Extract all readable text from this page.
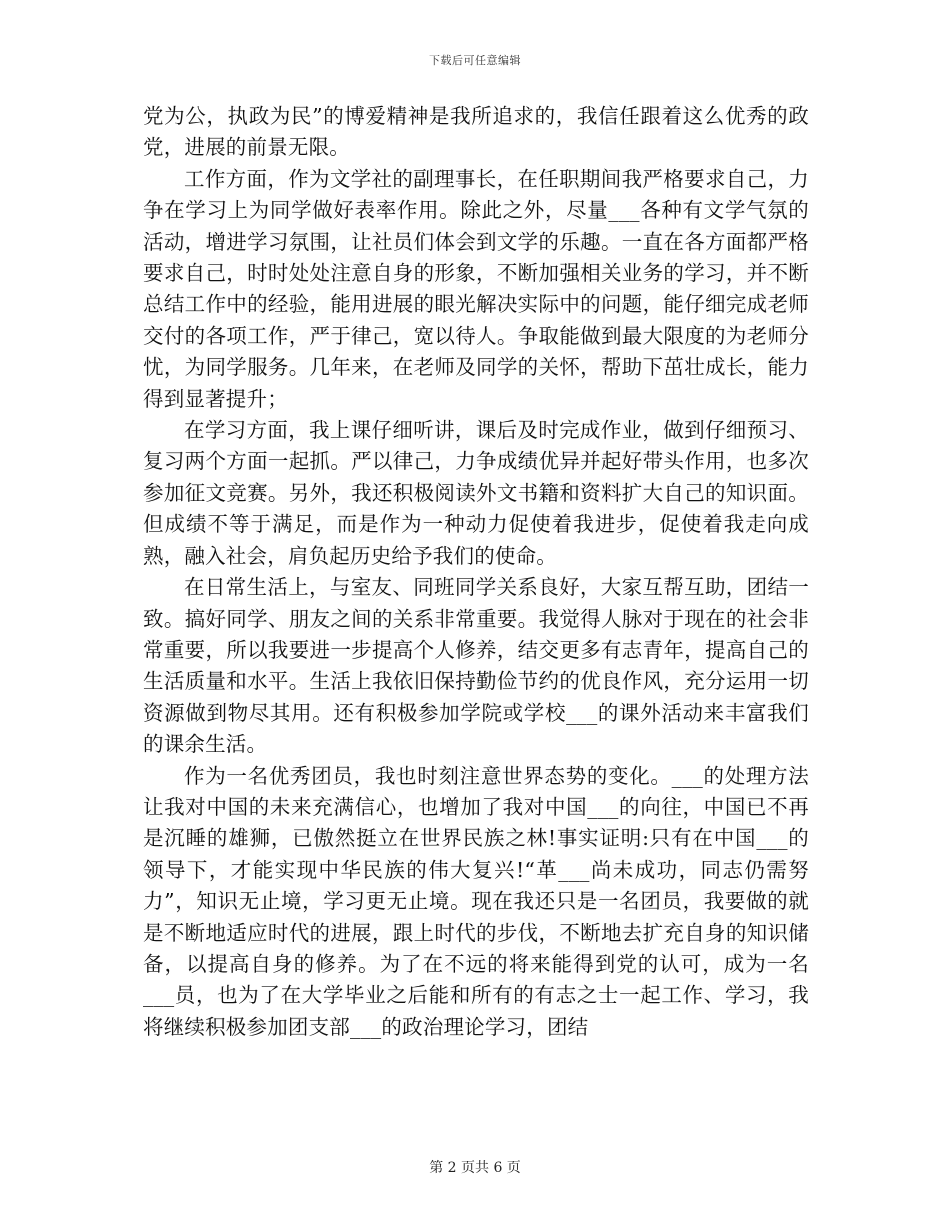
下载后可任意编辑

党为公，执政为民”的博爱精神是我所追求的，我信任跟着这么优秀的政党，进展的前景无限。

工作方面，作为文学社的副理事长，在任职期间我严格要求自己，力争在学习上为同学做好表率作用。除此之外，尽量___各种有文学气氛的活动，增进学习氛围，让社员们体会到文学的乐趣。一直在各方面都严格要求自己，时时处处注意自身的形象，不断加强相关业务的学习，并不断总结工作中的经验，能用进展的眼光解决实际中的问题，能仔细完成老师交付的各项工作，严于律己，宽以待人。争取能做到最大限度的为老师分忧，为同学服务。几年来，在老师及同学的关怀，帮助下茁壮成长，能力得到显著提升；

在学习方面，我上课仔细听讲，课后及时完成作业，做到仔细预习、复习两个方面一起抓。严以律己，力争成绩优异并起好带头作用，也多次参加征文竞赛。另外，我还积极阅读外文书籍和资料扩大自己的知识面。但成绩不等于满足，而是作为一种动力促使着我进步，促使着我走向成熟，融入社会，肩负起历史给予我们的使命。

在日常生活上，与室友、同班同学关系良好，大家互帮互助，团结一致。搞好同学、朋友之间的关系非常重要。我觉得人脉对于现在的社会非常重要，所以我要进一步提高个人修养，结交更多有志青年，提高自己的生活质量和水平。生活上我依旧保持勤俭节约的优良作风，充分运用一切资源做到物尽其用。还有积极参加学院或学校___的课外活动来丰富我们的课余生活。

作为一名优秀团员，我也时刻注意世界态势的变化。___的处理方法让我对中国的未来充满信心，也增加了我对中国___的向往，中国已不再是沉睡的雄狮，已傲然挺立在世界民族之林!事实证明:只有在中国___的领导下，才能实现中华民族的伟大复兴!“革___尚未成功，同志仍需努力”，知识无止境，学习更无止境。现在我还只是一名团员，我要做的就是不断地适应时代的进展，跟上时代的步伐，不断地去扩充自身的知识储备，以提高自身的修养。为了在不远的将来能得到党的认可，成为一名___员，也为了在大学毕业之后能和所有的有志之士一起工作、学习，我将继续积极参加团支部___的政治理论学习，团结

第 2 页共 6 页
